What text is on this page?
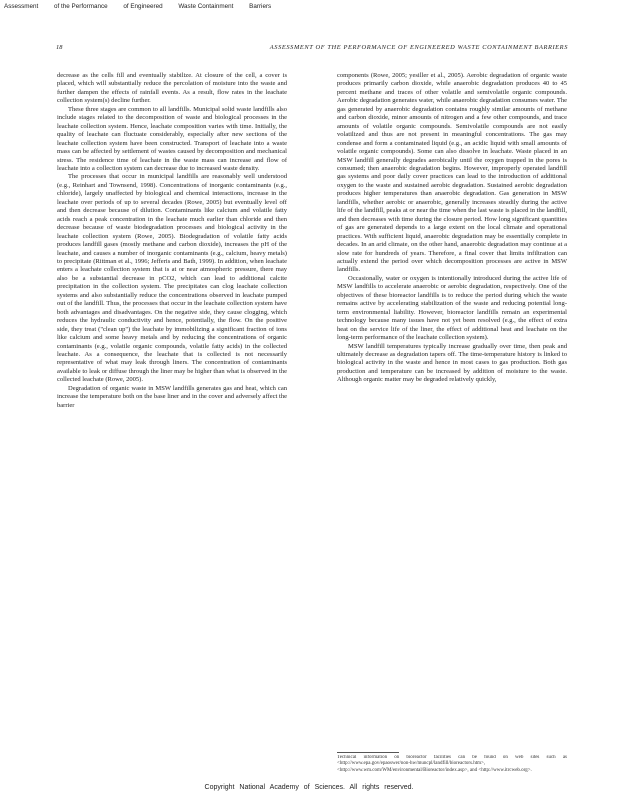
Assessment	of the Performance	of Engineered	Waste Containment	Barriers
18	ASSESSMENT OF THE PERFORMANCE OF ENGINEERED WASTE CONTAINMENT BARRIERS

decrease as the cells fill and eventually stabilize. At closure of the cell, a cover is placed, which will substantially reduce the percolation of moisture into the waste and further dampen the effects of rainfall events. As a result, flow rates in the leachate collection system(s) decline further.

These three stages are common to all landfills. Municipal solid waste landfills also include stages related to the decomposition of waste and biological processes in the leachate collection system. Hence, leachate composition varies with time. Initially, the quality of leachate can fluctuate considerably, especially after new sections of the leachate collection system have been constructed. Transport of leachate into a waste mass can be affected by settlement of wastes caused by decomposition and mechanical stress. The residence time of leachate in the waste mass can increase and flow of leachate into a collection system can decrease due to increased waste density.

The processes that occur in municipal landfills are reasonably well understood (e.g., Reinhart and Townsend, 1998). Concentrations of inorganic contaminants (e.g., chloride), largely unaffected by biological and chemical interactions, increase in the leachate over periods of up to several decades (Rowe, 2005) but eventually level off and then decrease because of dilution. Contaminants like calcium and volatile fatty acids reach a peak concentration in the leachate much earlier than chloride and then decrease because of waste biodegradation processes and biological activity in the leachate collection system (Rowe, 2005). Biodegradation of volatile fatty acids produces landfill gases (mostly methane and carbon dioxide), increases the pH of the leachate, and causes a number of inorganic contaminants (e.g., calcium, heavy metals) to precipitate (Rittman et al., 1996; Jefferis and Bath, 1999). In addition, when leachate enters a leachate collection system that is at or near atmospheric pressure, there may also be a substantial decrease in pCO2, which can lead to additional calcite precipitation in the collection system. The precipitates can clog leachate collection systems and also substantially reduce the concentrations observed in leachate pumped out of the landfill. Thus, the processes that occur in the leachate collection system have both advantages and disadvantages. On the negative side, they cause clogging, which reduces the hydraulic conductivity and hence, potentially, the flow. On the positive side, they treat ("clean up") the leachate by immobilizing a significant fraction of ions like calcium and some heavy metals and by reducing the concentrations of organic contaminants (e.g., volatile organic compounds, volatile fatty acids) in the collected leachate. As a consequence, the leachate that is collected is not necessarily representative of what may leak through liners. The concentration of contaminants available to leak or diffuse through the liner may be higher than what is observed in the collected leachate (Rowe, 2005).

Degradation of organic waste in MSW landfills generates gas and heat, which can increase the temperature both on the base liner and in the cover and adversely affect the barrier

components (Rowe, 2005; yesiller et al., 2005). Aerobic degradation of organic waste produces primarily carbon dioxide, while anaerobic degradation produces 40 to 45 percent methane and traces of other volatile and semivolatile organic compounds. Aerobic degradation generates water, while anaerobic degradation consumes water. The gas generated by anaerobic degradation contains roughly similar amounts of methane and carbon dioxide, minor amounts of nitrogen and a few other compounds, and trace amounts of volatile organic compounds. Semivolatile compounds are not easily volatilized and thus are not present in meaningful concentrations. The gas may condense and form a contaminated liquid (e.g., an acidic liquid with small amounts of volatile organic compounds). Some can also dissolve in leachate. Waste placed in an MSW landfill generally degrades aerobically until the oxygen trapped in the pores is consumed; then anaerobic degradation begins. However, improperly operated landfill gas systems and poor daily cover practices can lead to the introduction of additional oxygen to the waste and sustained aerobic degradation. Sustained aerobic degradation produces higher temperatures than anaerobic degradation. Gas generation in MSW landfills, whether aerobic or anaerobic, generally increases steadily during the active life of the landfill, peaks at or near the time when the last waste is placed in the landfill, and then decreases with time during the closure period. How long significant quantities of gas are generated depends to a large extent on the local climate and operational practices. With sufficient liquid, anaerobic degradation may be essentially complete in decades. In an arid climate, on the other hand, anaerobic degradation may continue at a slow rate for hundreds of years. Therefore, a final cover that limits infiltration can actually extend the period over which decomposition processes are active in MSW landfills.

Occasionally, water or oxygen is intentionally introduced during the active life of MSW landfills to accelerate anaerobic or aerobic degradation, respectively. One of the objectives of these bioreactor landfills is to reduce the period during which the waste remains active by accelerating stabilization of the waste and reducing potential long-term environmental liability. However, bioreactor landfills remain an experimental technology because many issues have not yet been resolved (e.g., the effect of extra heat on the service life of the liner, the effect of additional heat and leachate on the long-term performance of the leachate collection system).

MSW landfill temperatures typically increase gradually over time, then peak and ultimately decrease as degradation tapers off. The time-temperature history is linked to biological activity in the waste and hence in most cases to gas production. Both gas production and temperature can be increased by addition of moisture to the waste. Although organic matter may be degraded relatively quickly,

Technical information on bioreactor facilities can be found on web sites such as <http://www.epa.gov/epaoswer/non-hw/muncpl/landfill/bioreactors.htm>, <http://www.wm.com/WM/environmental/Bioreactor/index.asp>, and <http://www.itrcweb.org>.
Copyright National Academy of Sciences. All rights reserved.
